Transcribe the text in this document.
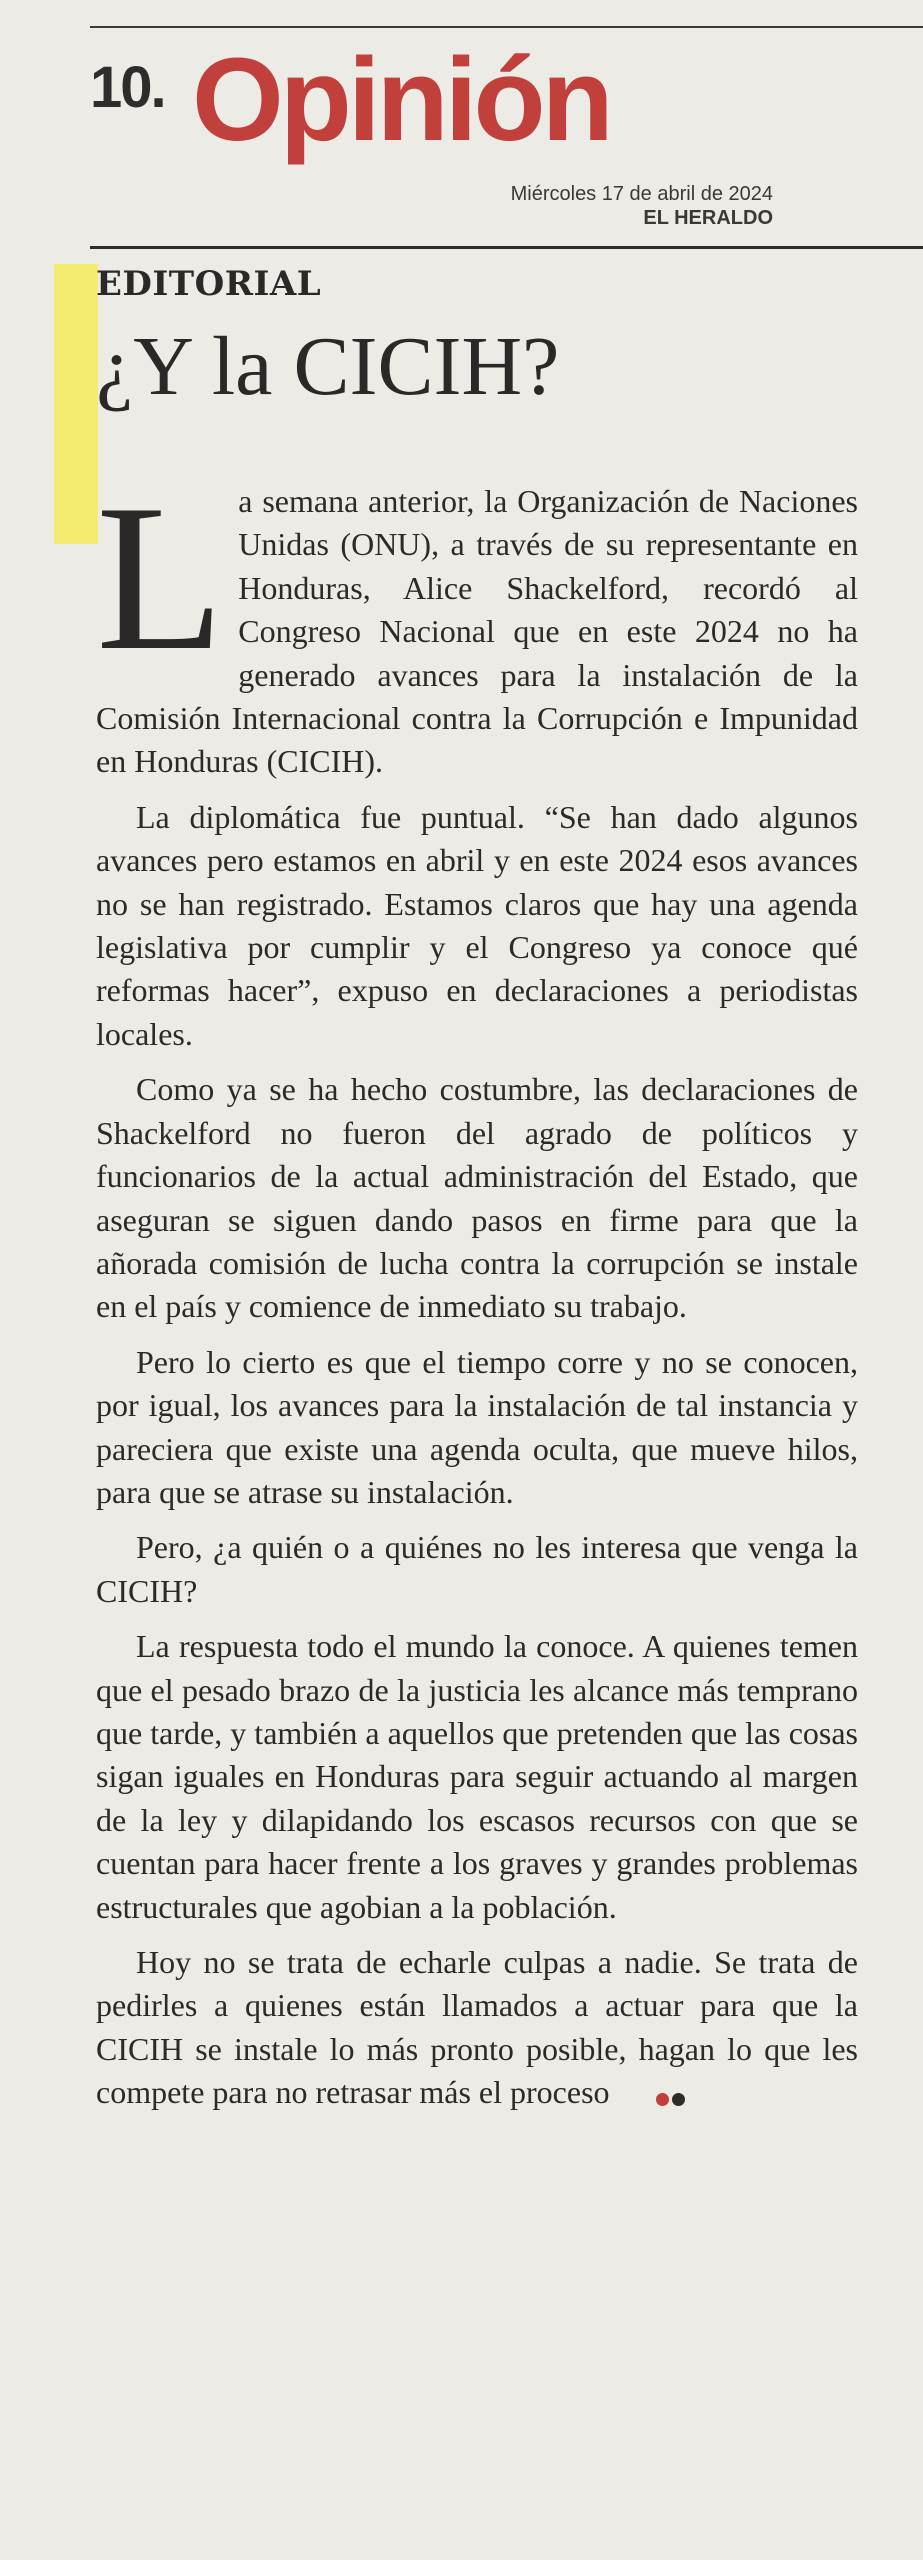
10. Opinión
Miércoles 17 de abril de 2024
EL HERALDO
EDITORIAL
¿Y la CICIH?

La semana anterior, la Organización de Naciones Unidas (ONU), a través de su representante en Honduras, Alice Shackelford, recordó al Congreso Nacional que en este 2024 no ha generado avances para la instalación de la Comisión Internacional contra la Corrupción e Impunidad en Honduras (CICIH).

La diplomática fue puntual. “Se han dado algunos avances pero estamos en abril y en este 2024 esos avances no se han registrado. Estamos claros que hay una agenda legislativa por cumplir y el Congreso ya conoce qué reformas hacer”, expuso en declaraciones a periodistas locales.

Como ya se ha hecho costumbre, las declaraciones de Shackelford no fueron del agrado de políticos y funcionarios de la actual administración del Estado, que aseguran se siguen dando pasos en firme para que la añorada comisión de lucha contra la corrupción se instale en el país y comience de inmediato su trabajo.

Pero lo cierto es que el tiempo corre y no se conocen, por igual, los avances para la instalación de tal instancia y pareciera que existe una agenda oculta, que mueve hilos, para que se atrase su instalación.

Pero, ¿a quién o a quiénes no les interesa que venga la CICIH?

La respuesta todo el mundo la conoce. A quienes temen que el pesado brazo de la justicia les alcance más temprano que tarde, y también a aquellos que pretenden que las cosas sigan iguales en Honduras para seguir actuando al margen de la ley y dilapidando los escasos recursos con que se cuentan para hacer frente a los graves y grandes problemas estructurales que agobian a la población.

Hoy no se trata de echarle culpas a nadie. Se trata de pedirles a quienes están llamados a actuar para que la CICIH se instale lo más pronto posible, hagan lo que les compete para no retrasar más el proceso
